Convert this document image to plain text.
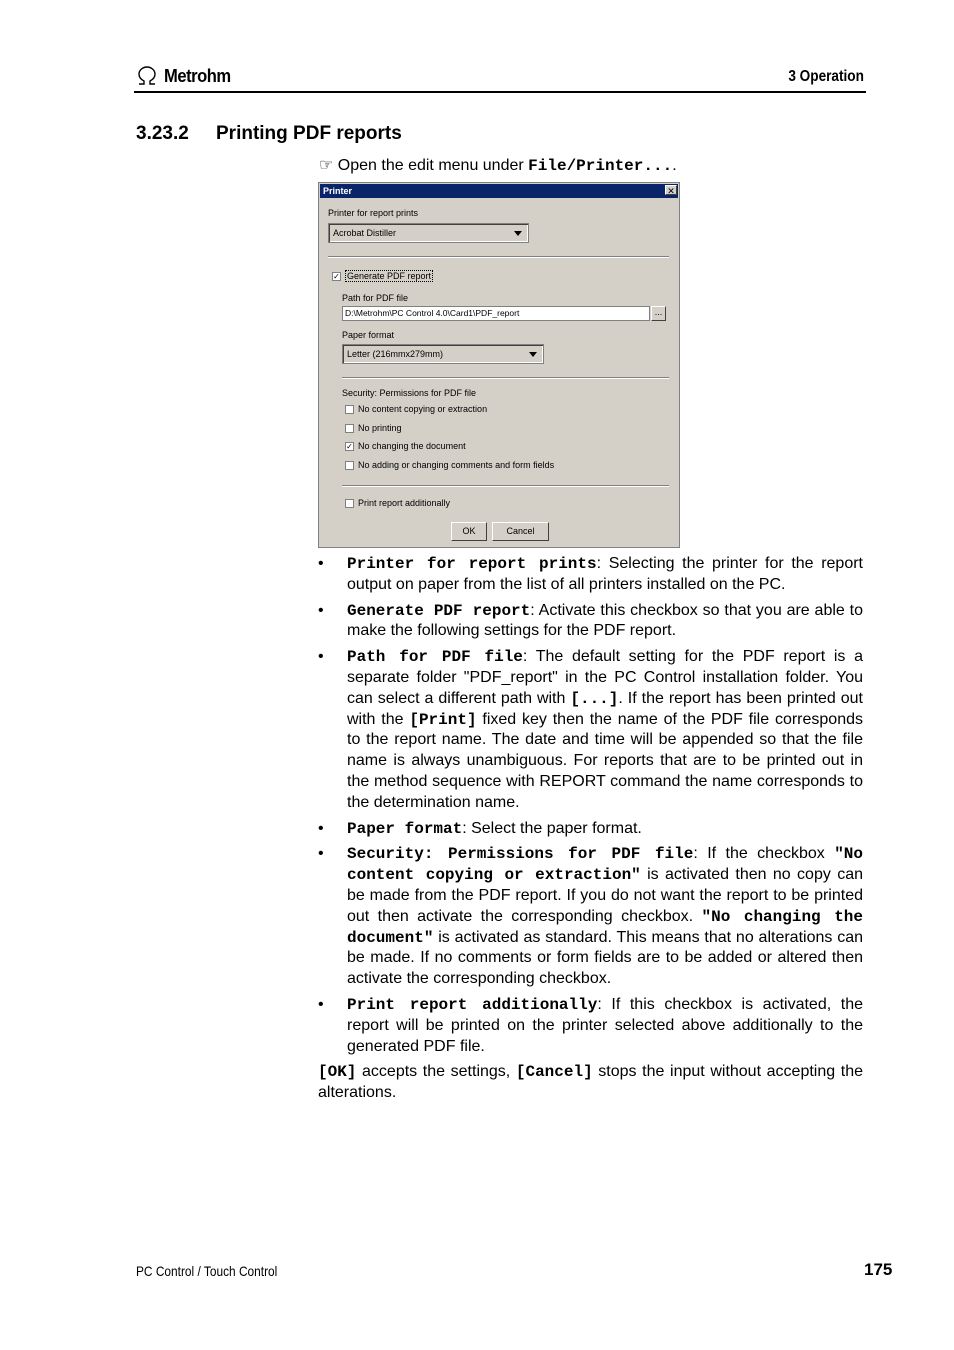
Metrohm	3 Operation
3.23.2 Printing PDF reports
☞ Open the edit menu under File/Printer....
Printer	✕
Printer for report prints
Acrobat Distiller
✓ Generate PDF report
Path for PDF file
D:\Metrohm\PC Control 4.0\Card1\PDF_report	...
Paper format
Letter (216mmx279mm)
Security: Permissions for PDF file
No content copying or extraction
No printing
✓ No changing the document
No adding or changing comments and form fields
Print report additionally
OK	Cancel
• Printer for report prints: Selecting the printer for the report output on paper from the list of all printers installed on the PC.
• Generate PDF report: Activate this checkbox so that you are able to make the following settings for the PDF report.
• Path for PDF file: The default setting for the PDF report is a separate folder "PDF_report" in the PC Control installation folder. You can select a different path with [...]. If the report has been printed out with the [Print] fixed key then the name of the PDF file corresponds to the report name. The date and time will be appended so that the file name is always unambiguous. For reports that are to be printed out in the method sequence with REPORT command the name corresponds to the determination name.
• Paper format: Select the paper format.
• Security: Permissions for PDF file: If the checkbox "No content copying or extraction" is activated then no copy can be made from the PDF report. If you do not want the report to be printed out then activate the corresponding checkbox. "No changing the document" is activated as standard. This means that no alterations can be made. If no comments or form fields are to be added or altered then activate the corresponding checkbox.
• Print report additionally: If this checkbox is activated, the report will be printed on the printer selected above additionally to the generated PDF file.
[OK] accepts the settings, [Cancel] stops the input without accepting the alterations.
PC Control / Touch Control	175
